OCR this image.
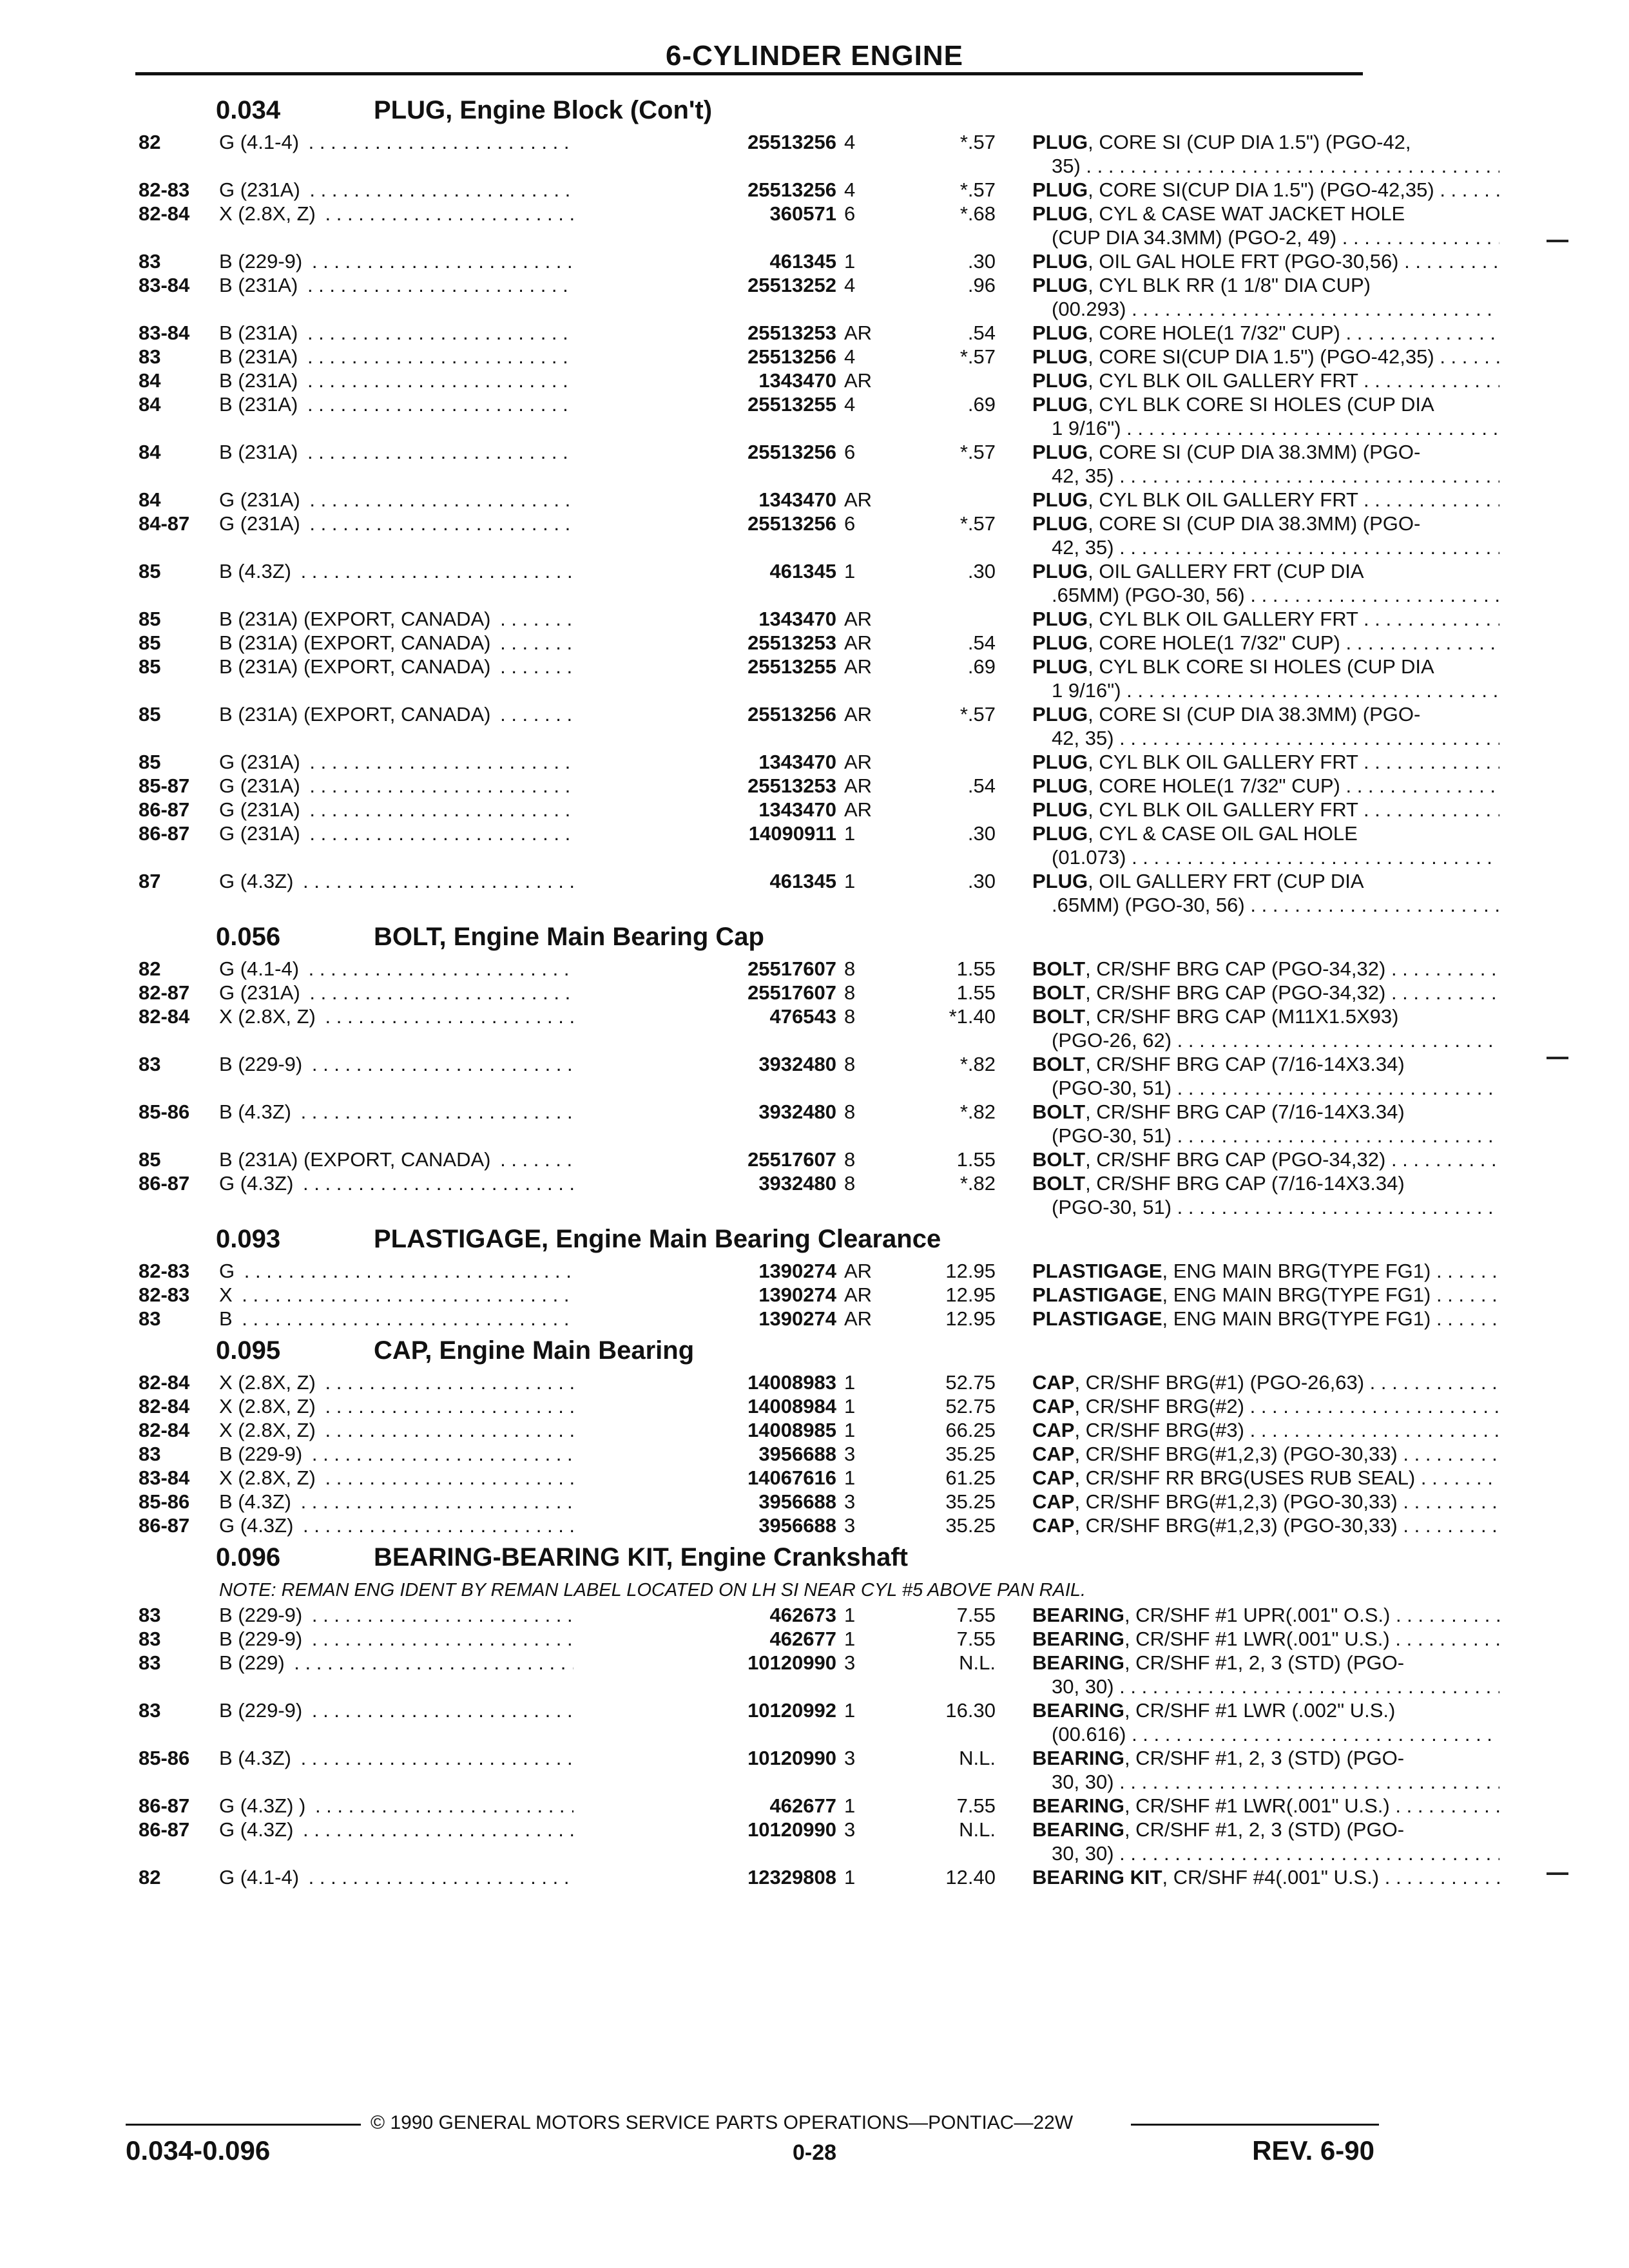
6-CYLINDER ENGINE
0.034	PLUG, Engine Block (Con't)
82	G (4.1-4) . . .	25513256 4	*.57 PLUG, CORE SI (CUP DIA 1.5") (PGO-42,
35) . . .
82-83 G (231A) . . .	25513256 4	*.57 PLUG, CORE SI(CUP DIA 1.5") (PGO-42,35) . . .
82-84 X (2.8X, Z) . . .	360571 6	*.68 PLUG, CYL & CASE WAT JACKET HOLE
(CUP DIA 34.3MM) (PGO-2, 49) . . .
83	B (229-9) . . .	461345 1	.30 PLUG, OIL GAL HOLE FRT (PGO-30,56) . . .
83-84 B (231A) . . .	25513252 4	.96 PLUG, CYL BLK RR (1 1/8" DIA CUP)
(00.293) . . .
83-84 B (231A) . . .	25513253 AR	.54 PLUG, CORE HOLE(1 7/32" CUP) . . .
83	B (231A) . . .	25513256 4	*.57 PLUG, CORE SI(CUP DIA 1.5") (PGO-42,35) . . .
84	B (231A) . . .	1343470 AR	PLUG, CYL BLK OIL GALLERY FRT . . .
84	B (231A) . . .	25513255 4	.69 PLUG, CYL BLK CORE SI HOLES (CUP DIA
1 9/16") . . .
84	B (231A) . . .	25513256 6	*.57 PLUG, CORE SI (CUP DIA 38.3MM) (PGO-
42, 35) . . .
84	G (231A) . . .	1343470 AR	PLUG, CYL BLK OIL GALLERY FRT . . .
84-87 G (231A) . . .	25513256 6	*.57 PLUG, CORE SI (CUP DIA 38.3MM) (PGO-
42, 35) . . .
85	B (4.3Z) . . .	461345 1	.30 PLUG, OIL GALLERY FRT (CUP DIA
.65MM) (PGO-30, 56) . . .
85	B (231A) (EXPORT, CANADA) . . .	1343470 AR	PLUG, CYL BLK OIL GALLERY FRT . . .
85	B (231A) (EXPORT, CANADA) . . .	25513253 AR	.54 PLUG, CORE HOLE(1 7/32" CUP) . . .
85	B (231A) (EXPORT, CANADA) . . .	25513255 AR	.69 PLUG, CYL BLK CORE SI HOLES (CUP DIA
1 9/16") . . .
85	B (231A) (EXPORT, CANADA) . . .	25513256 AR	*.57 PLUG, CORE SI (CUP DIA 38.3MM) (PGO-
42, 35) . . .
85	G (231A) . . .	1343470 AR	PLUG, CYL BLK OIL GALLERY FRT . . .
85-87 G (231A) . . .	25513253 AR	.54 PLUG, CORE HOLE(1 7/32" CUP) . . .
86-87 G (231A) . . .	1343470 AR	PLUG, CYL BLK OIL GALLERY FRT . . .
86-87 G (231A) . . .	14090911 1	.30 PLUG, CYL & CASE OIL GAL HOLE
(01.073) . . .
87	G (4.3Z) . . .	461345 1	.30 PLUG, OIL GALLERY FRT (CUP DIA
.65MM) (PGO-30, 56) . . .
0.056	BOLT, Engine Main Bearing Cap
82	G (4.1-4) . . .	25517607 8	1.55 BOLT, CR/SHF BRG CAP (PGO-34,32) . . .
82-87 G (231A) . . .	25517607 8	1.55 BOLT, CR/SHF BRG CAP (PGO-34,32) . . .
82-84 X (2.8X, Z) . . .	476543 8	*1.40 BOLT, CR/SHF BRG CAP (M11X1.5X93)
(PGO-26, 62) . . .
83	B (229-9) . . .	3932480 8	*.82 BOLT, CR/SHF BRG CAP (7/16-14X3.34)
(PGO-30, 51) . . .
85-86 B (4.3Z) . . .	3932480 8	*.82 BOLT, CR/SHF BRG CAP (7/16-14X3.34)
(PGO-30, 51) . . .
85	B (231A) (EXPORT, CANADA) . . .	25517607 8	1.55 BOLT, CR/SHF BRG CAP (PGO-34,32) . . .
86-87 G (4.3Z) . . .	3932480 8	*.82 BOLT, CR/SHF BRG CAP (7/16-14X3.34)
(PGO-30, 51) . . .
0.093	PLASTIGAGE, Engine Main Bearing Clearance
82-83 G . . .	1390274 AR	12.95 PLASTIGAGE, ENG MAIN BRG(TYPE FG1) . . .
82-83 X . . .	1390274 AR	12.95 PLASTIGAGE, ENG MAIN BRG(TYPE FG1) . . .
83	B . . .	1390274 AR	12.95 PLASTIGAGE, ENG MAIN BRG(TYPE FG1) . . .
0.095	CAP, Engine Main Bearing
82-84 X (2.8X, Z) . . .	14008983 1	52.75 CAP, CR/SHF BRG(#1) (PGO-26,63) . . .
82-84 X (2.8X, Z) . . .	14008984 1	52.75 CAP, CR/SHF BRG(#2) . . .
82-84 X (2.8X, Z) . . .	14008985 1	66.25 CAP, CR/SHF BRG(#3) . . .
83	B (229-9) . . .	3956688 3	35.25 CAP, CR/SHF BRG(#1,2,3) (PGO-30,33) . . .
83-84 X (2.8X, Z) . . .	14067616 1	61.25 CAP, CR/SHF RR BRG(USES RUB SEAL) . . .
85-86 B (4.3Z) . . .	3956688 3	35.25 CAP, CR/SHF BRG(#1,2,3) (PGO-30,33) . . .
86-87 G (4.3Z) . . .	3956688 3	35.25 CAP, CR/SHF BRG(#1,2,3) (PGO-30,33) . . .
0.096	BEARING-BEARING KIT, Engine Crankshaft
NOTE: REMAN ENG IDENT BY REMAN LABEL LOCATED ON LH SI NEAR CYL #5 ABOVE PAN RAIL.
83	B (229-9) . . .	462673 1	7.55 BEARING, CR/SHF #1 UPR(.001" O.S.) . . .
83	B (229-9) . . .	462677 1	7.55 BEARING, CR/SHF #1 LWR(.001" U.S.) . . .
83	B (229) . . .	10120990 3	N.L. BEARING, CR/SHF #1, 2, 3 (STD) (PGO-
30, 30) . . .
83	B (229-9) . . .	10120992 1	16.30 BEARING, CR/SHF #1 LWR (.002" U.S.)
(00.616) . . .
85-86 B (4.3Z) . . .	10120990 3	N.L. BEARING, CR/SHF #1, 2, 3 (STD) (PGO-
30, 30) . . .
86-87 G (4.3Z) ) . . .	462677 1	7.55 BEARING, CR/SHF #1 LWR(.001" U.S.) . . .
86-87 G (4.3Z) . . .	10120990 3	N.L. BEARING, CR/SHF #1, 2, 3 (STD) (PGO-
30, 30) . . .
82	G (4.1-4) . . .	12329808 1	12.40 BEARING KIT, CR/SHF #4(.001" U.S.) . . .
© 1990 GENERAL MOTORS SERVICE PARTS OPERATIONS—PONTIAC—22W
0.034-0.096	0-28	REV. 6-90
